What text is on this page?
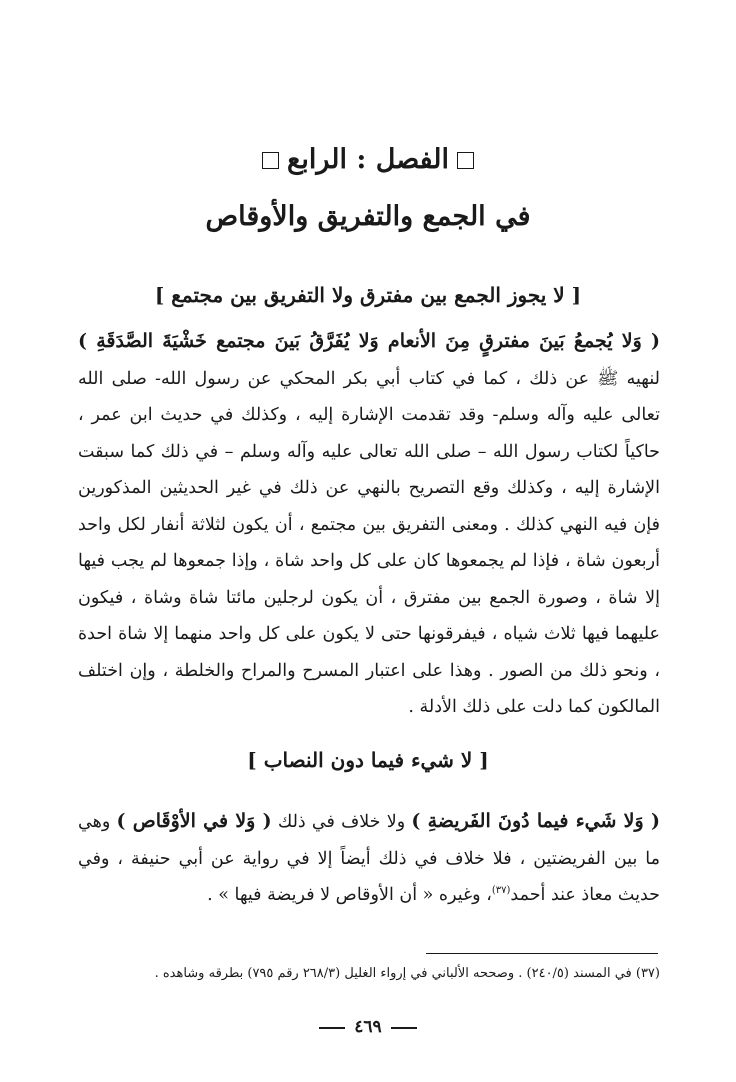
الفصل : الرابع
في الجمع والتفريق والأوقاص
[ لا يجوز الجمع بين مفترق ولا التفريق بين مجتمع ]

( وَلا يُجمعُ بَينَ مفترقٍ مِنَ الأنعام وَلا يُفَرَّقُ بَينَ مجتمع خَشْيَةَ الصَّدَقَةِ ) لنهيه ﷺ عن ذلك ، كما في كتاب أبي بكر المحكي عن رسول الله- صلى الله تعالى عليه وآله وسلم- وقد تقدمت الإشارة إليه ، وكذلك في حديث ابن عمر ، حاكياً لكتاب رسول الله – صلى الله تعالى عليه وآله وسلم – في ذلك كما سبقت الإشارة إليه ، وكذلك وقع التصريح بالنهي عن ذلك في غير الحديثين المذكورين فإن فيه النهي كذلك . ومعنى التفريق بين مجتمع ، أن يكون لثلاثة أنفار لكل واحد أربعون شاة ، فإذا لم يجمعوها كان على كل واحد شاة ، وإذا جمعوها لم يجب فيها إلا شاة ، وصورة الجمع بين مفترق ، أن يكون لرجلين مائتا شاة وشاة ، فيكون عليهما فيها ثلاث شياه ، فيفرقونها حتى لا يكون على كل واحد منهما إلا شاة احدة ، ونحو ذلك من الصور . وهذا على اعتبار المسرح والمراح والخلطة ، وإن اختلف المالكون كما دلت على ذلك الأدلة .

[ لا شيء فيما دون النصاب ]

( وَلا شَيء فيما دُونَ الفَريضةِ ) ولا خلاف في ذلك ( وَلا في الأوْقَاص ) وهي ما بين الفريضتين ، فلا خلاف في ذلك أيضاً إلا في رواية عن أبي حنيفة ، وفي حديث معاذ عند أحمد$^{(٣٧)}$، وغيره « أن الأوقاص لا فريضة فيها » .

(٣٧) في المسند (٢٤٠/٥) . وصححه الألباني في إرواء الغليل (٢٦٨/٣ رقم ٧٩٥) بطرقه وشاهده .
٤٦٩
